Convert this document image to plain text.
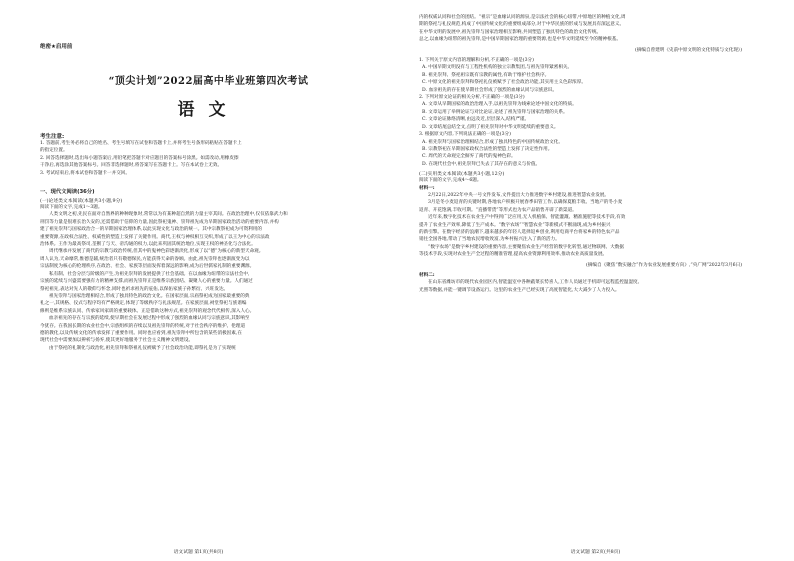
绝密★启用前
“顶尖计划”2022届高中毕业班第四次考试
语文
考生注意:
1. 答题前,考生务必将自己的姓名、考生号填写在试卷和答题卡上,并将考生号条形码粘贴在答题卡上
的指定位置。
2. 回答选择题时,选出每小题答案后,用铅笔把答题卡对应题目的答案标号涂黑。如需改动,用橡皮擦
干净后,再选涂其他答案标号。回答非选择题时,将答案写在答题卡上。写在本试卷上无效。
3. 考试结束后,将本试卷和答题卡一并交回。
一、现代文阅读(36分)
(一)论述类文本阅读(本题共3小题,9分)
阅读下面的文字,完成1～3题。
人类文明之初,先民在面对自然界的种种现象时,常常以为有某种超自然的力量主宰其间。在政治治理中,仅仅依靠武力和
刑罚等力量是很难长治久安的,还需借助于信仰的力量,因此祭祀鬼神、崇拜祖先成为早期国家政治活动的重要内容,并构
建了祖先崇拜与国家政治合一的早期国家治理体系,以此实现文化与政治的统一。其中宗教祭祀成为可资利用的
重要资源,在政权合法性、权威性的塑造上发挥了关键作用。商代,王权与神权相互交织,形成了以王为中心的宗法政
治体系。王作为最高祭司,垄断了与天、帝沟通的权力,以此来巩固其统治地位,实现王权的神圣化与合法化。
周代继承并发展了商代的宗教与政治传统,但其中的鬼神色彩逐渐淡化,形成了以“德”为核心的新型天命观。
周人认为,天命靡常,惟德是辅,统治者只有敬德保民,方能获得天命的眷顾。由此,祖先崇拜也逐渐演变为以
宗法制度为核心的伦理秩序,在政治、社会、家族等层面发挥着深远的影响,成为后世儒家礼制的重要渊源。
私有制、社会分层与阶级的产生,为祖先崇拜的发展提供了社会基础。在以血缘为纽带的宗法社会中,
宗族的延续与兴盛需要强有力的精神支撑,而祖先崇拜正是维系宗族团结、凝聚人心的重要力量。人们通过
祭祀祖先,表达对先人的敬仰与怀念,同时也祈求祖先的庇佑,以保佑家族子孙繁衍、兴旺发达。
祖先崇拜与国家治理相结合,形成了独具特色的政治文化。在国家层面,宗庙祭祀成为国家最重要的典
礼之一,其规格、仪式与程序均有严格规定,体现了等级秩序与礼法规范。在家族层面,祠堂祭祀与族谱编
修则是维系宗族认同、传承家风家训的重要载体。正是借助这种方式,祖先崇拜的观念代代相传,深入人心。
血亲祖先的存在与宗族的延续,使早期社会在发展过程中形成了强烈的血缘认同与宗族意识,其影响至
今犹存。在我国长期的农业社会中,宗族组织的存续以及祖先崇拜的传统,对于社会秩序的维护、伦理道
德的教化,以及传统文化的传承发挥了重要作用。同时也应看到,祖先崇拜中所包含的某些消极因素,在
现代社会中需要加以辨析与扬弃,使其更好地服务于社会主义精神文明建设。
由于祭祀的礼制化与政治化,祖先崇拜和祭祖礼仪被赋予了社会政治功能,即祭礼是为了实现统
语文试题 第1页(共8页)
内的权威认同和社会的团结。“祖宗”是血缘认同的源泉,是宗法社会的核心纽带,中原地区的种植文化,周
期的祭祀与礼仪规范,构成了中国传统文化的重要组成部分,对于中华民族的形成与发展具有深远意义。
在中华文明的发展中,祖先崇拜与国家治理相互影响,共同塑造了独具特色的政治文化传统。
总之,以血缘为纽带的祖先崇拜,是中国早期国家治理的重要资源,也是中华文明延续至今的精神根基。
(摘编自曾建明《史前中原文明的文化特质与文化现》)
1. 下列关于原文内容的理解和分析,不正确的一项是(3分)
A. 中国早期文明没有与工程性机构的独立宗教集团,与祖先崇拜紧密相关。
B. 祖先崇拜、祭祀祖宗既有宗教的属性,有助于维护社会秩序。
C. 中原文化的祖先崇拜和祭祀礼仪被赋予了社会政治功能,其实用主义色彩浓厚。
D. 血亲祖先的存在使早期社会形成了强烈的血缘认同与宗族意识。
2. 下列对原文论证的相关分析,不正确的一项是(3分)
A. 文章从早期国家的政治治理入手,以祖先崇拜为线索论述中国文化的特质。
B. 文章运用了举例论证与对比论证,论述了祖先崇拜与国家治理的关系。
C. 文章论证脉络清晰,由远及近,层层深入,结构严谨。
D. 文章结尾总结全文,点明了祖先崇拜对中华文明延续的重要意义。
3. 根据原文内容,下列说法正确的一项是(3分)
A. 祖先崇拜与国家治理相结合,形成了独具特色的中国传统政治文化。
B. 宗教祭祀在早期国家政权合法性的塑造上发挥了决定性作用。
C. 周代的天命观完全摒弃了商代的鬼神色彩。
D. 在现代社会中,祖先崇拜已失去了其存在的意义与价值。
(二)实用类文本阅读(本题共3小题,12分)
阅读下面的文字,完成4～6题。
材料一:
2月22日,2022年中央一号文件发布,文件提出大力推进数字乡村建设,推进智慧农业发展。
3月是冬小麦返青的关键时期,各地农户积极开展春季田管工作,以确保夏粮丰收。当地产的冬小麦
返青、开花饱满,丰收可期。“直播带货”等形式也为农产品销售开辟了新渠道。
近年来,数字化技术在农业生产中得到广泛应用,无人机植保、智能灌溉、精准施肥等技术手段,有效
提升了农业生产效率,降低了生产成本。“数字农场”“智慧农业”等新模式不断涌现,成为乡村振兴
的新引擎。在数字经济的浪潮下,越来越多的年轻人选择返乡创业,利用电商平台将家乡的特色农产品
销往全国各地,带动了当地农民增收致富,为乡村振兴注入了新的活力。
“数字农场”是数字乡村建设的重要内容,主要聚焦农业生产经营的数字化转型,通过物联网、大数据
等技术手段,实现对农业生产全过程的精准管理,提高农业资源利用效率,推动农业高质量发展。
(摘编自《聚焦“数实融合”作为农业发展重要方向》,“央广网”2022年3月6日)
材料二:
在山东省潍坊市的现代农业园区内,智能温室中各种蔬菜长势喜人,工作人员通过手机即可远程监控温湿度、
光照等数据,并能一键调节设备运行。这里的农业生产已经实现了高度智能化,大大减少了人力投入。
语文试题 第2页(共8页)
